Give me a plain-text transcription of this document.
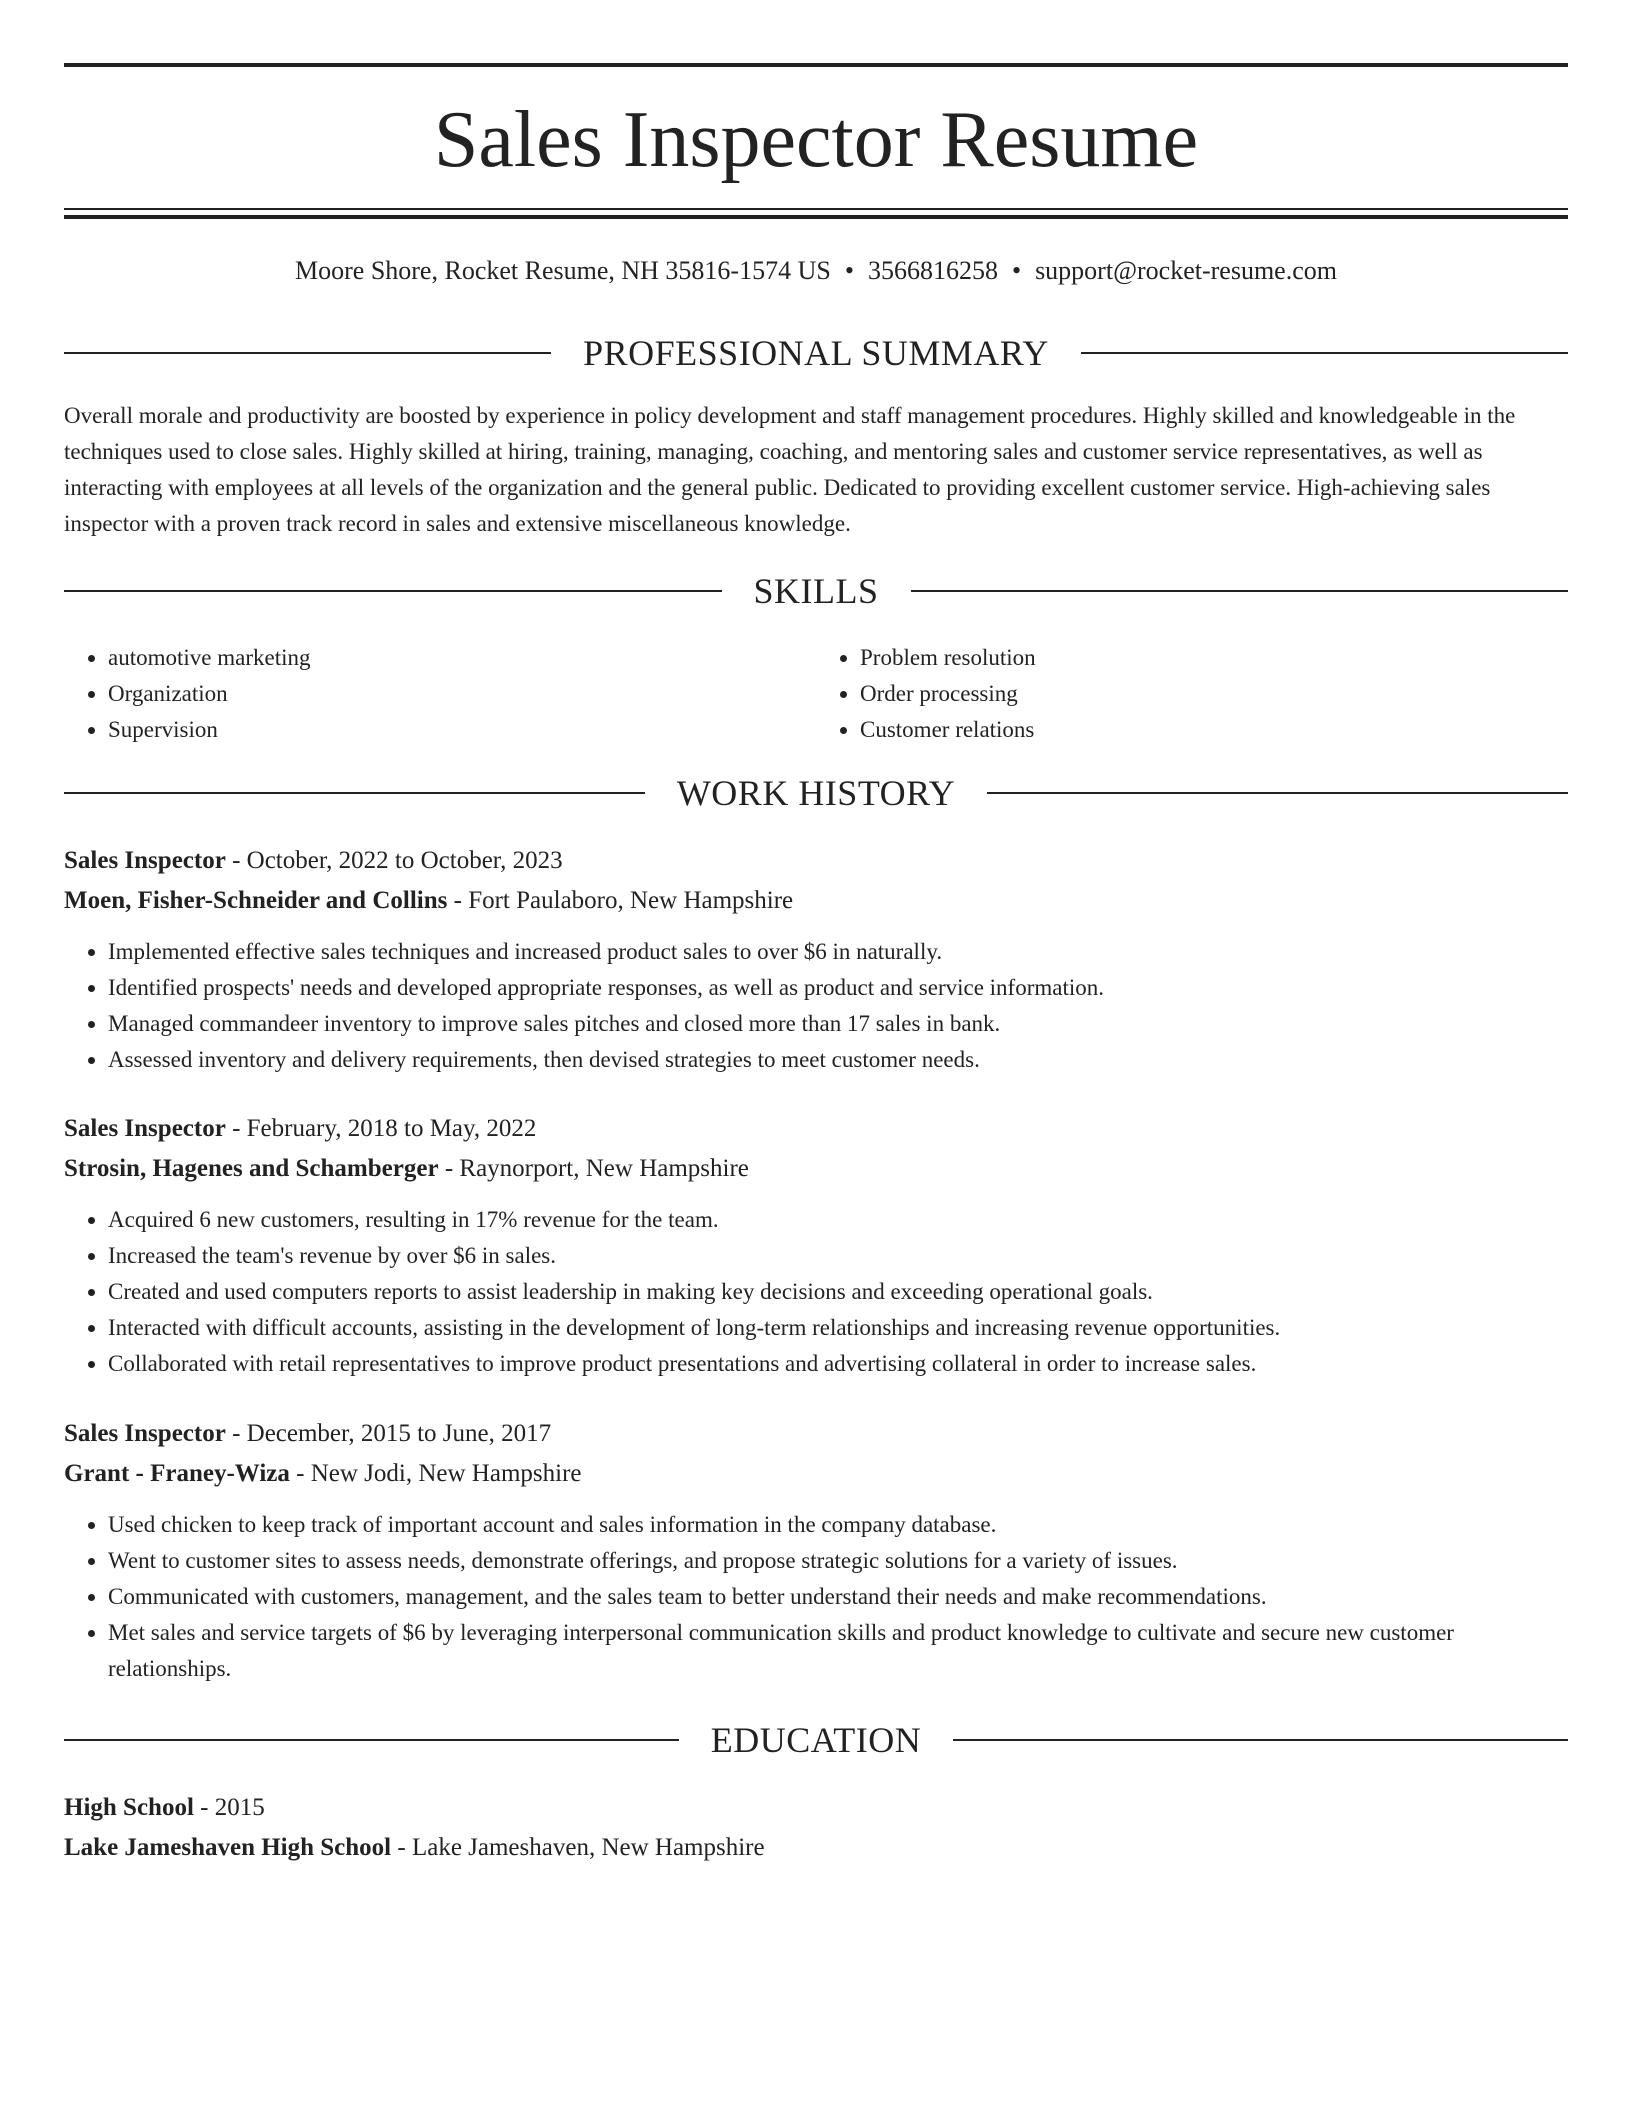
Sales Inspector Resume
Moore Shore, Rocket Resume, NH 35816-1574 US • 3566816258 • support@rocket-resume.com
PROFESSIONAL SUMMARY

Overall morale and productivity are boosted by experience in policy development and staff management procedures. Highly skilled and knowledgeable in the techniques used to close sales. Highly skilled at hiring, training, managing, coaching, and mentoring sales and customer service representatives, as well as interacting with employees at all levels of the organization and the general public. Dedicated to providing excellent customer service. High-achieving sales inspector with a proven track record in sales and extensive miscellaneous knowledge.

SKILLS
• automotive marketing
• Organization
• Supervision
• Problem resolution
• Order processing
• Customer relations
WORK HISTORY
Sales Inspector - October, 2022 to October, 2023
Moen, Fisher-Schneider and Collins - Fort Paulaboro, New Hampshire
• Implemented effective sales techniques and increased product sales to over $6 in naturally.
• Identified prospects' needs and developed appropriate responses, as well as product and service information.
• Managed commandeer inventory to improve sales pitches and closed more than 17 sales in bank.
• Assessed inventory and delivery requirements, then devised strategies to meet customer needs.
Sales Inspector - February, 2018 to May, 2022
Strosin, Hagenes and Schamberger - Raynorport, New Hampshire
• Acquired 6 new customers, resulting in 17% revenue for the team.
• Increased the team's revenue by over $6 in sales.
• Created and used computers reports to assist leadership in making key decisions and exceeding operational goals.
• Interacted with difficult accounts, assisting in the development of long-term relationships and increasing revenue opportunities.
• Collaborated with retail representatives to improve product presentations and advertising collateral in order to increase sales.
Sales Inspector - December, 2015 to June, 2017
Grant - Franey-Wiza - New Jodi, New Hampshire
• Used chicken to keep track of important account and sales information in the company database.
• Went to customer sites to assess needs, demonstrate offerings, and propose strategic solutions for a variety of issues.
• Communicated with customers, management, and the sales team to better understand their needs and make recommendations.
• Met sales and service targets of $6 by leveraging interpersonal communication skills and product knowledge to cultivate and secure new customer relationships.
EDUCATION
High School - 2015
Lake Jameshaven High School - Lake Jameshaven, New Hampshire
